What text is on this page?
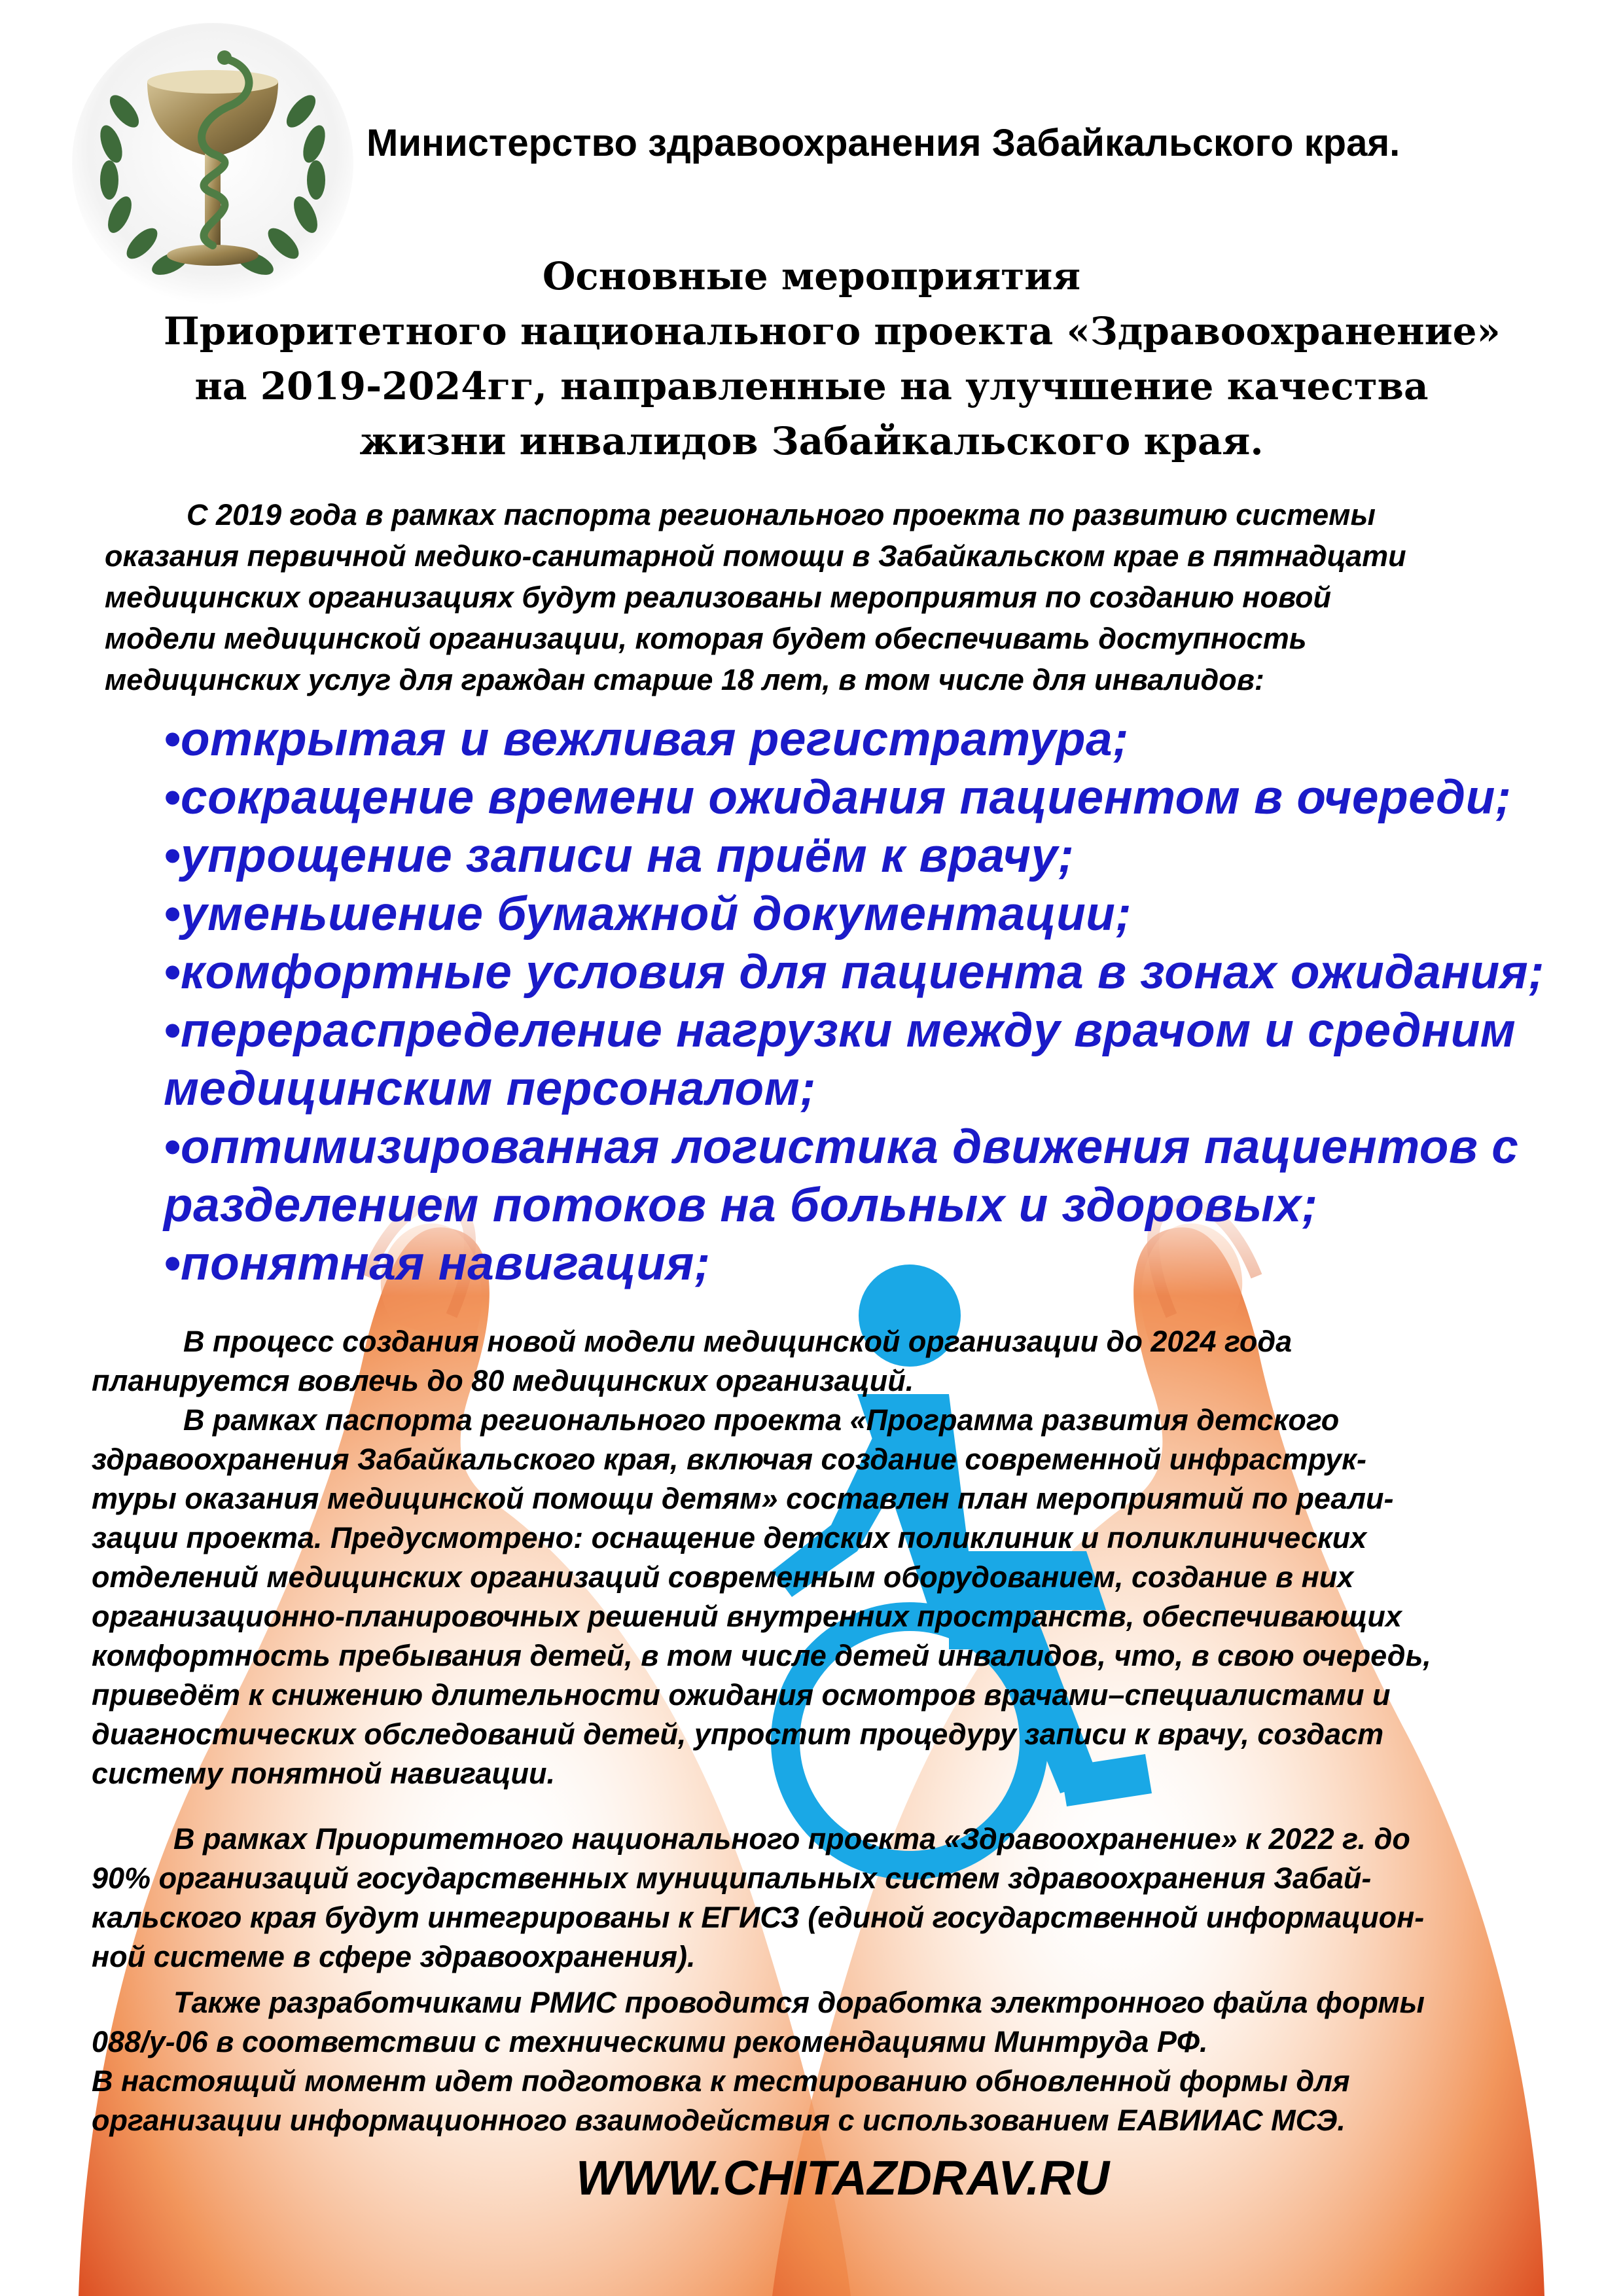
Министерство здравоохранения Забайкальского края.
Основные мероприятия
Приоритетного национального проекта «Здравоохранение»
на 2019-2024гг, направленные на улучшение качества
жизни инвалидов Забайкальского края.
С 2019 года в рамках паспорта регионального проекта по развитию системы
оказания первичной медико-санитарной помощи в Забайкальском крае в пятнадцати
медицинских организациях будут реализованы мероприятия по созданию новой
модели медицинской организации, которая будет обеспечивать доступность
медицинских услуг для граждан старше 18 лет, в том числе для инвалидов:
•открытая и вежливая регистратура;
•сокращение времени ожидания пациентом в очереди;
•упрощение записи на приём к врачу;
•уменьшение бумажной документации;
•комфортные условия для пациента в зонах ожидания;
•перераспределение нагрузки между врачом и средним
медицинским персоналом;
•оптимизированная логистика движения пациентов с
разделением потоков на больных и здоровых;
•понятная навигация;
В процесс создания новой модели медицинской организации до 2024 года
планируется вовлечь до 80 медицинских организаций.
В рамках паспорта регионального проекта «Программа развития детского
здравоохранения Забайкальского края, включая создание современной инфраструк-
туры оказания медицинской помощи детям» составлен план мероприятий по реали-
зации проекта. Предусмотрено: оснащение детских поликлиник и поликлинических
отделений медицинских организаций современным оборудованием, создание в них
организационно-планировочных решений внутренних пространств, обеспечивающих
комфортность пребывания детей, в том числе детей инвалидов, что, в свою очередь,
приведёт к снижению длительности ожидания осмотров врачами–специалистами и
диагностических обследований детей, упростит процедуру записи к врачу, создаст
систему понятной навигации.
В рамках Приоритетного национального проекта «Здравоохранение» к 2022 г. до
90% организаций государственных муниципальных систем здравоохранения Забай-
кальского края будут интегрированы к ЕГИСЗ (единой государственной информацион-
ной системе в сфере здравоохранения).
Также разработчиками РМИС проводится доработка электронного файла формы
088/у-06 в соответствии с техническими рекомендациями Минтруда РФ.
В настоящий момент идет подготовка к тестированию обновленной формы для
организации информационного взаимодействия с использованием ЕАВИИАС МСЭ.
WWW.CHITAZDRAV.RU
